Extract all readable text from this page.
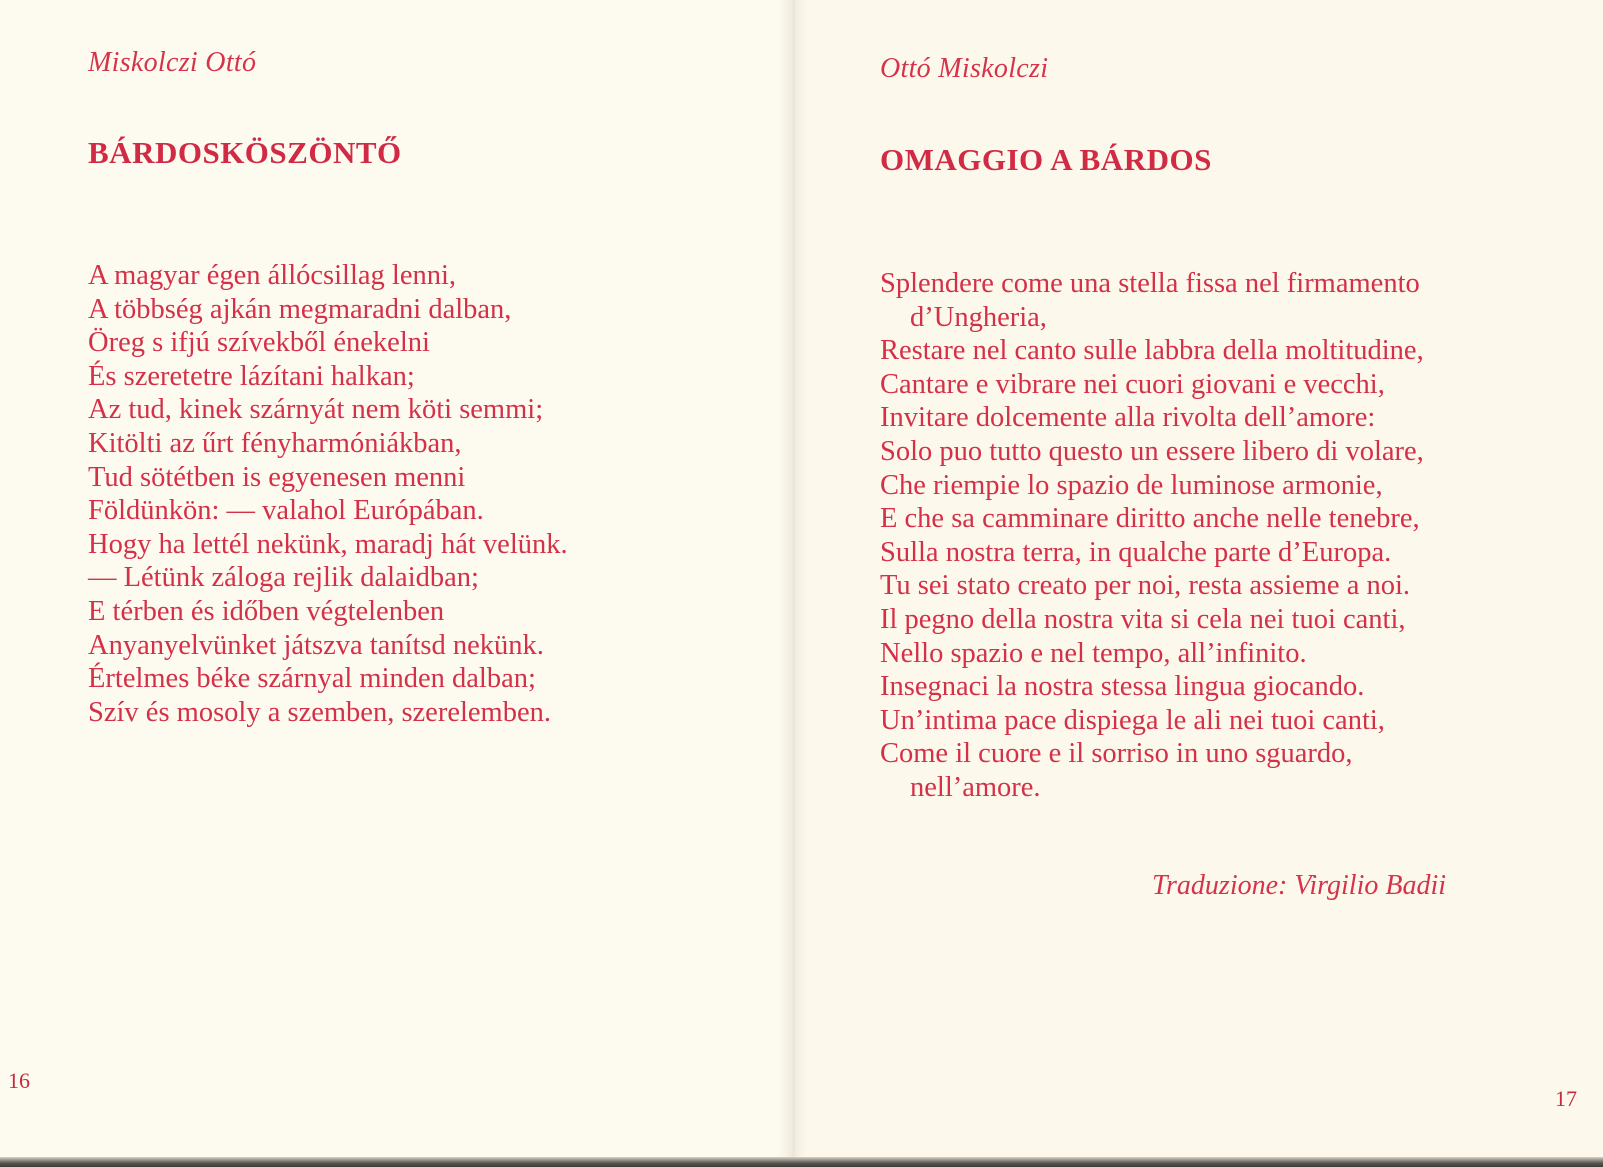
Miskolczi Ottó
BÁRDOSKÖSZÖNTŐ
A magyar égen állócsillag lenni,
A többség ajkán megmaradni dalban,
Öreg s ifjú szívekből énekelni
És szeretetre lázítani halkan;
Az tud, kinek szárnyát nem köti semmi;
Kitölti az űrt fényharmóniákban,
Tud sötétben is egyenesen menni
Földünkön: — valahol Európában.
Hogy ha lettél nekünk, maradj hát velünk.
— Létünk záloga rejlik dalaidban;
E térben és időben végtelenben
Anyanyelvünket játszva tanítsd nekünk.
Értelmes béke szárnyal minden dalban;
Szív és mosoly a szemben, szerelemben.
16
Ottó Miskolczi
OMAGGIO A BÁRDOS
Splendere come una stella fissa nel firmamento
d’Ungheria,
Restare nel canto sulle labbra della moltitudine,
Cantare e vibrare nei cuori giovani e vecchi,
Invitare dolcemente alla rivolta dell’amore:
Solo puo tutto questo un essere libero di volare,
Che riempie lo spazio de luminose armonie,
E che sa camminare diritto anche nelle tenebre,
Sulla nostra terra, in qualche parte d’Europa.
Tu sei stato creato per noi, resta assieme a noi.
Il pegno della nostra vita si cela nei tuoi canti,
Nello spazio e nel tempo, all’infinito.
Insegnaci la nostra stessa lingua giocando.
Un’intima pace dispiega le ali nei tuoi canti,
Come il cuore e il sorriso in uno sguardo,
nell’amore.
Traduzione: Virgilio Badii
17
